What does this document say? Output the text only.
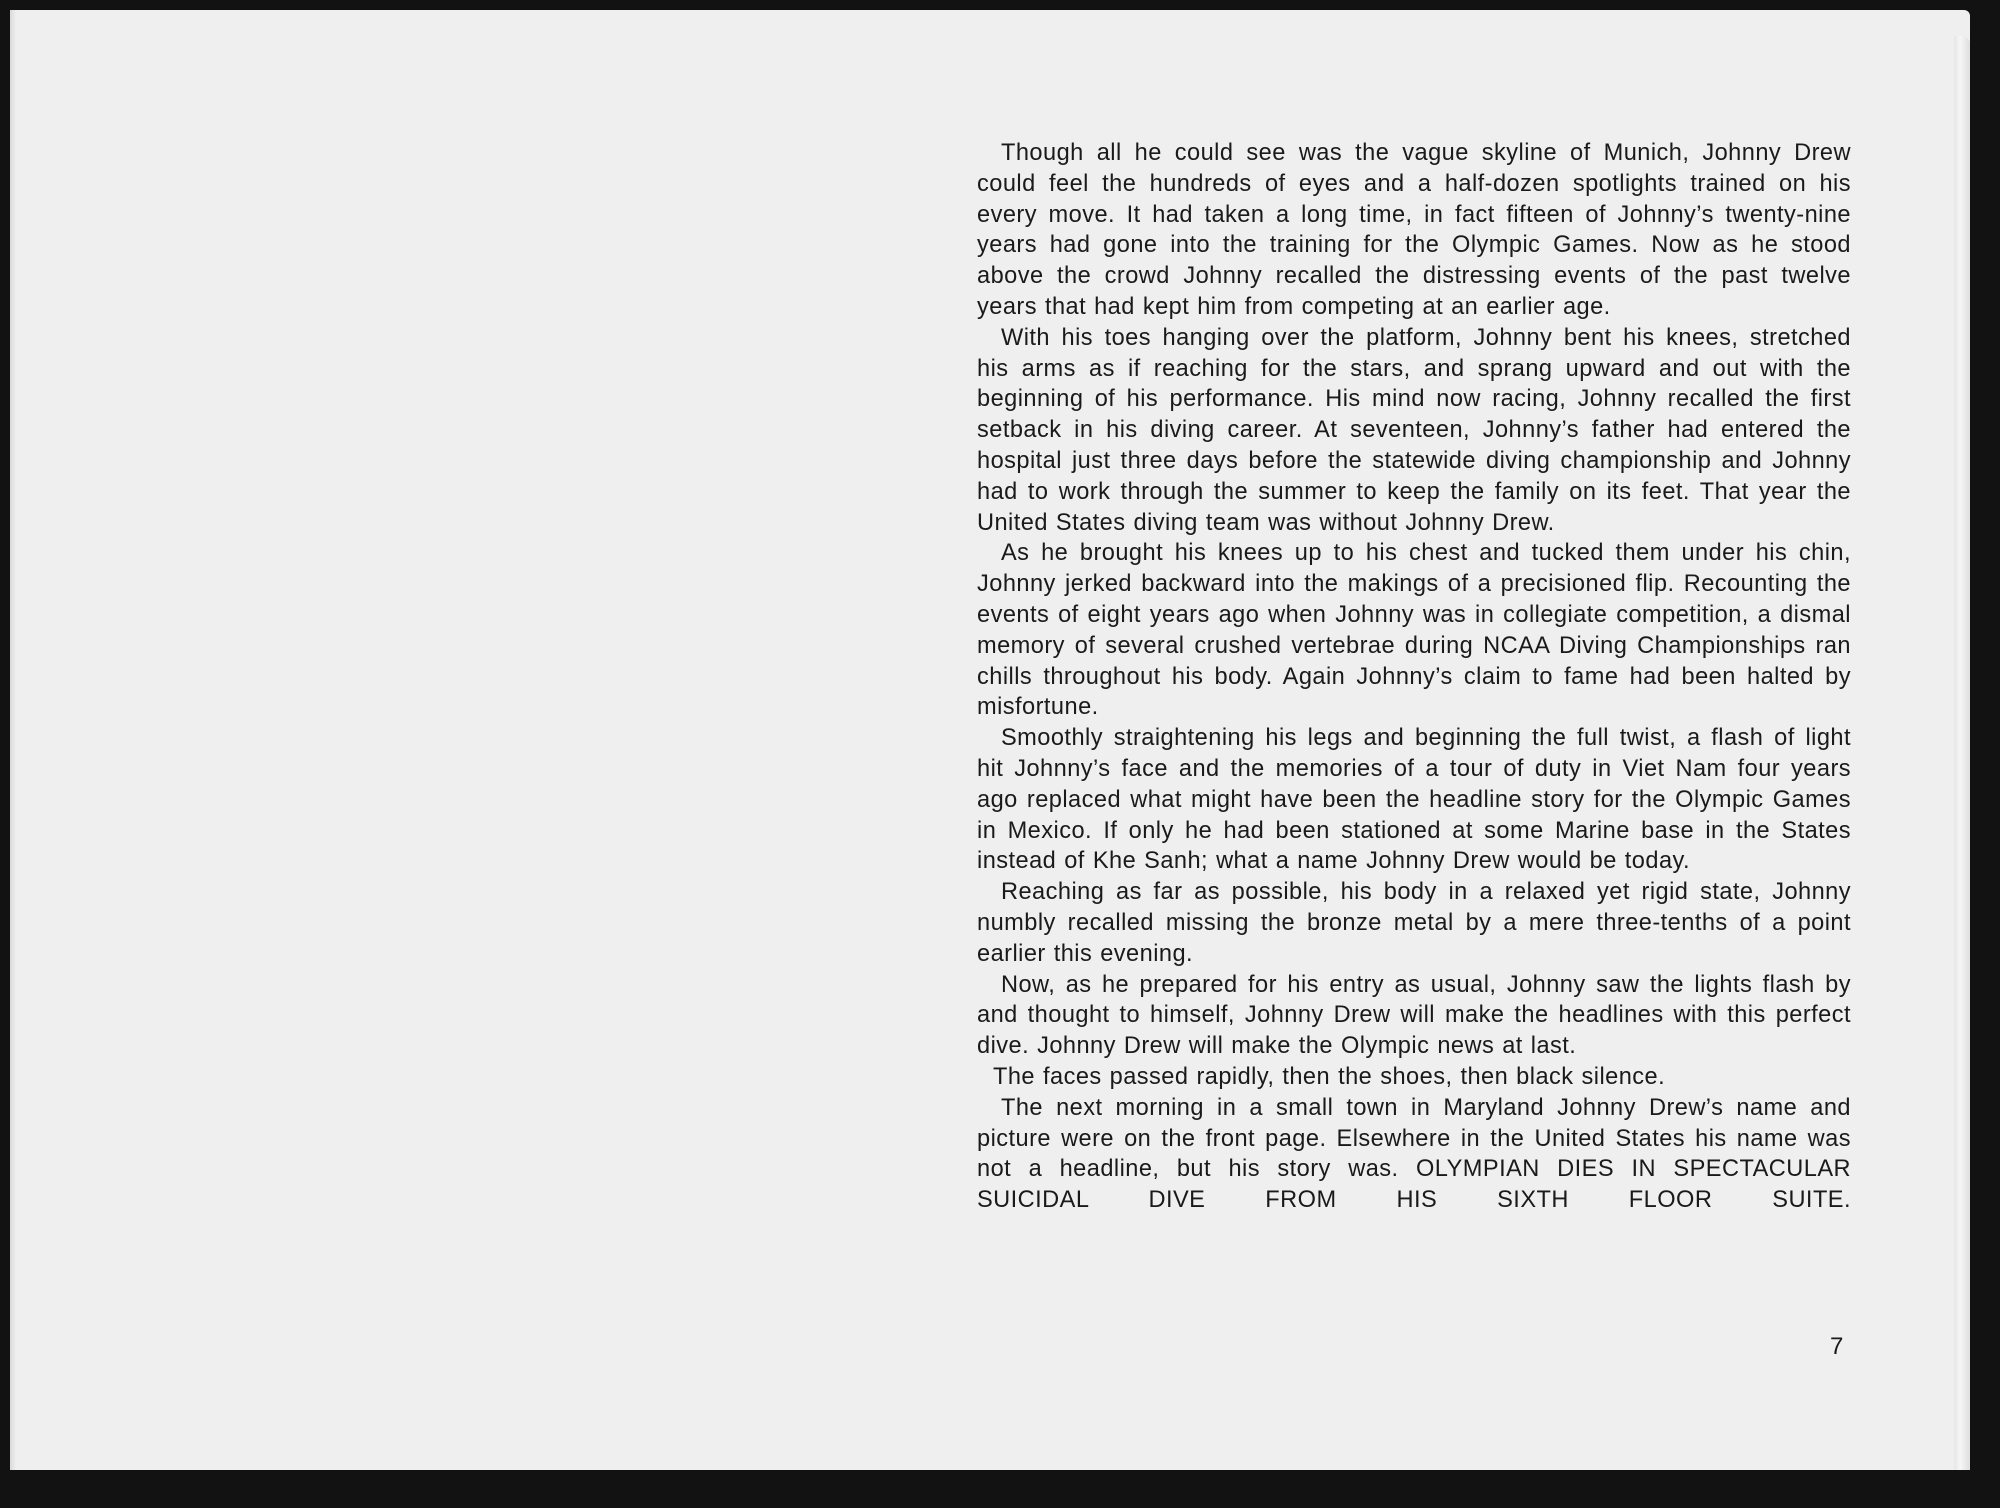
Though all he could see was the vague skyline of Munich, Johnny Drew could feel the hundreds of eyes and a half-dozen spotlights trained on his every move. It had taken a long time, in fact fifteen of Johnny’s twenty-nine years had gone into the training for the Olympic Games. Now as he stood above the crowd Johnny recalled the distressing events of the past twelve years that had kept him from competing at an earlier age.

With his toes hanging over the platform, Johnny bent his knees, stretched his arms as if reaching for the stars, and sprang upward and out with the beginning of his performance. His mind now racing, Johnny recalled the first setback in his diving career. At seventeen, Johnny’s father had entered the hospital just three days before the statewide diving championship and Johnny had to work through the summer to keep the family on its feet. That year the United States diving team was without Johnny Drew.

As he brought his knees up to his chest and tucked them under his chin, Johnny jerked backward into the makings of a precisioned flip. Recounting the events of eight years ago when Johnny was in collegiate competition, a dismal memory of several crushed vertebrae during NCAA Diving Championships ran chills throughout his body. Again Johnny’s claim to fame had been halted by misfortune.

Smoothly straightening his legs and beginning the full twist, a flash of light hit Johnny’s face and the memories of a tour of duty in Viet Nam four years ago replaced what might have been the headline story for the Olympic Games in Mexico. If only he had been stationed at some Marine base in the States instead of Khe Sanh; what a name Johnny Drew would be today.

Reaching as far as possible, his body in a relaxed yet rigid state, Johnny numbly recalled missing the bronze metal by a mere three-tenths of a point earlier this evening.

Now, as he prepared for his entry as usual, Johnny saw the lights flash by and thought to himself, Johnny Drew will make the headlines with this perfect dive. Johnny Drew will make the Olympic news at last.

The faces passed rapidly, then the shoes, then black silence.

The next morning in a small town in Maryland Johnny Drew’s name and picture were on the front page. Elsewhere in the United States his name was not a headline, but his story was. OLYMPIAN DIES IN SPECTACULAR SUICIDAL DIVE FROM HIS SIXTH FLOOR SUITE.

7
